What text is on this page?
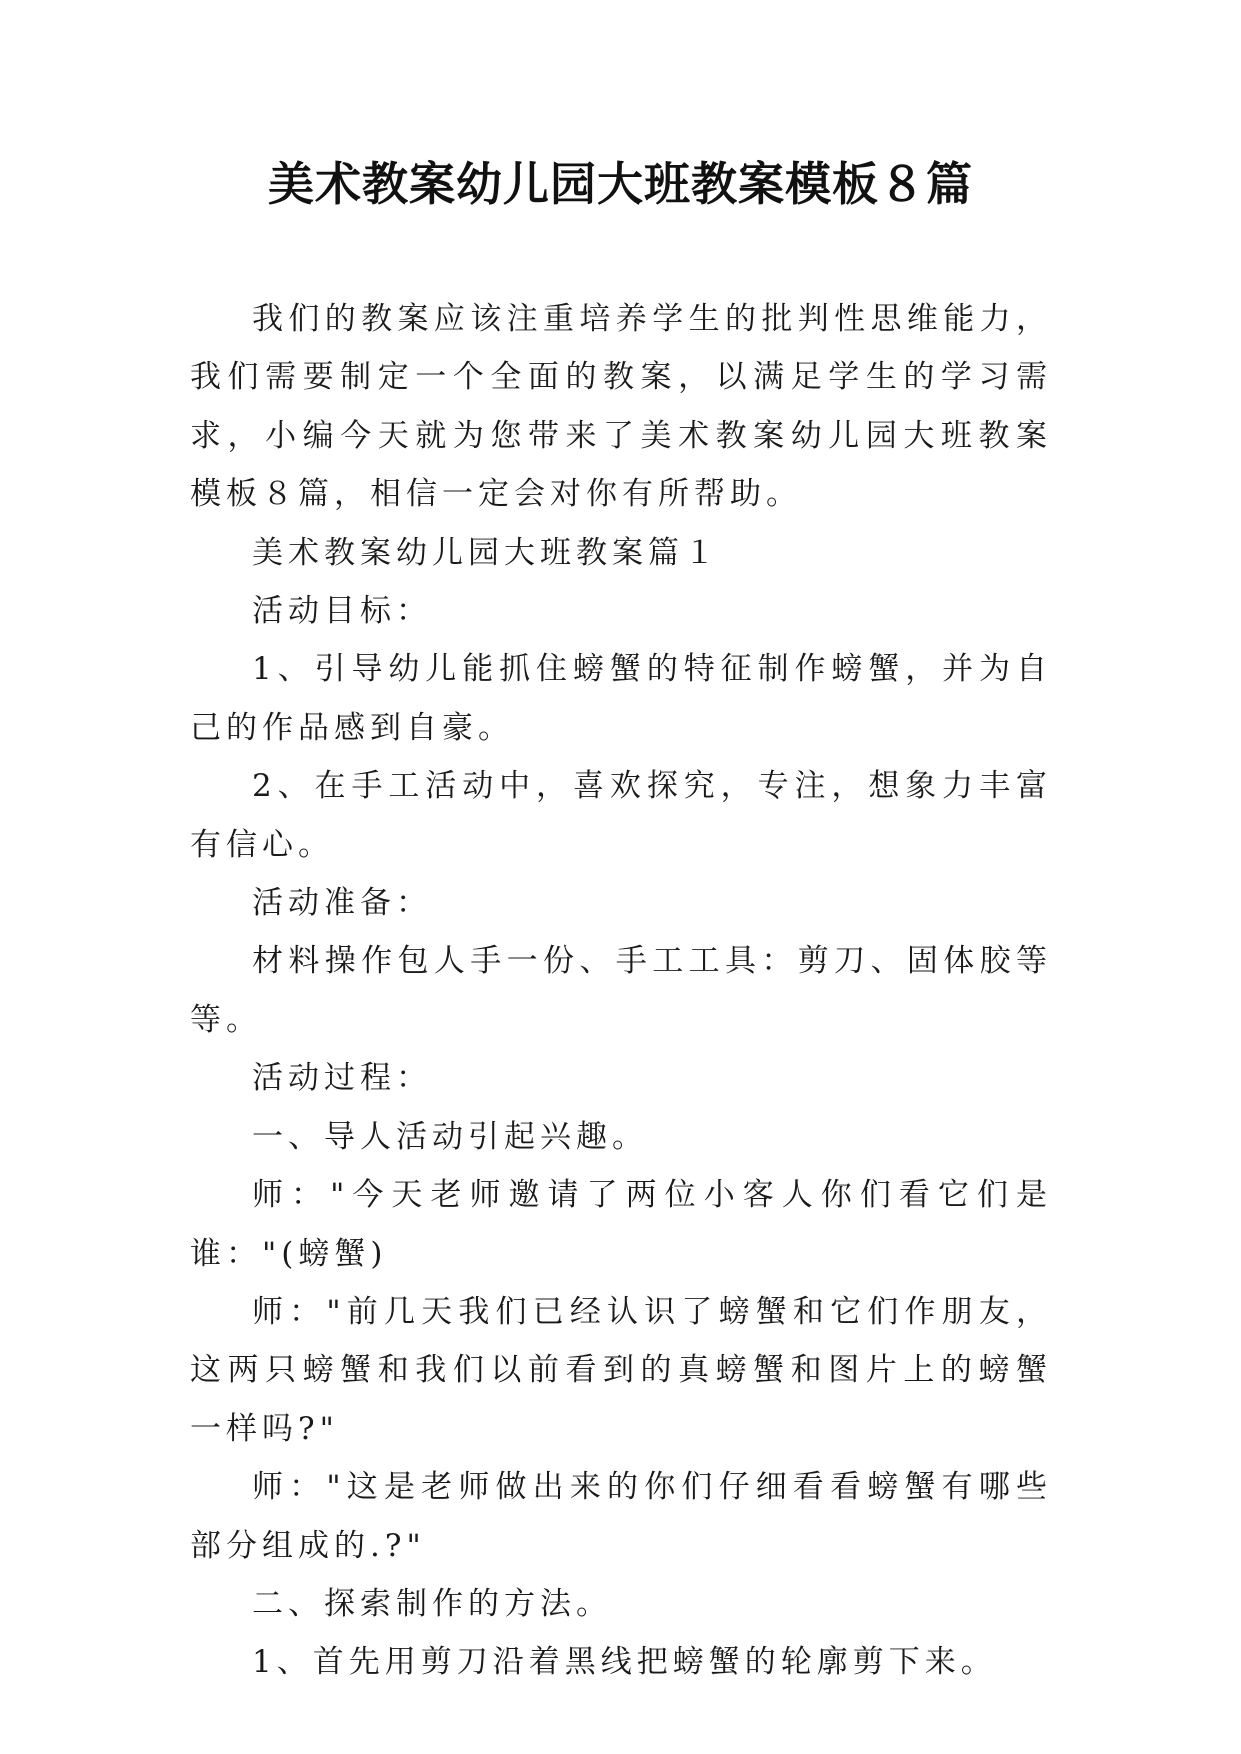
美术教案幼儿园大班教案模板８篇

我们的教案应该注重培养学生的批判性思维能力，我们需要制定一个全面的教案，以满足学生的学习需求，小编今天就为您带来了美术教案幼儿园大班教案模板８篇，相信一定会对你有所帮助。

美术教案幼儿园大班教案篇１

活动目标：

1、引导幼儿能抓住螃蟹的特征制作螃蟹，并为自己的作品感到自豪。

2、在手工活动中，喜欢探究，专注，想象力丰富有信心。

活动准备：

材料操作包人手一份、手工工具：剪刀、固体胶等等。

活动过程：

一、导人活动引起兴趣。

师："今天老师邀请了两位小客人你们看它们是谁："(螃蟹)

师："前几天我们已经认识了螃蟹和它们作朋友，这两只螃蟹和我们以前看到的真螃蟹和图片上的螃蟹一样吗?"

师："这是老师做出来的你们仔细看看螃蟹有哪些部分组成的.?"

二、探索制作的方法。

1、首先用剪刀沿着黑线把螃蟹的轮廓剪下来。
